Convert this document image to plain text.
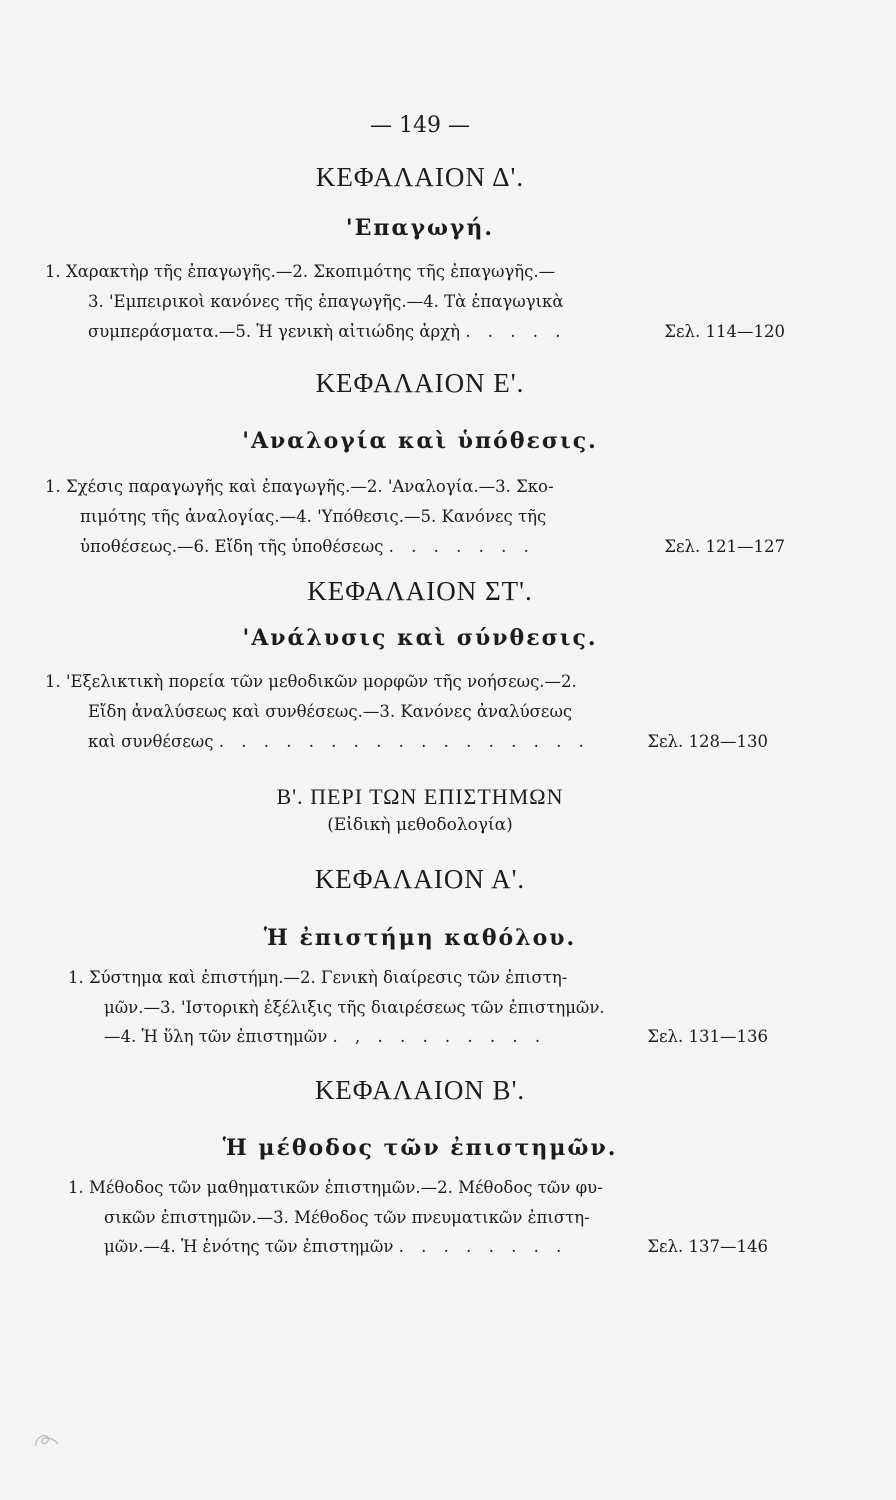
— 149 —
ΚΕΦΑΛΑΙΟΝ Δ'.
'Επαγωγή.
1. Χαρακτὴρ τῆς ἐπαγωγῆς.—2. Σκοπιμότης τῆς ἐπαγωγῆς.—
3. 'Εμπειρικοὶ κανόνες τῆς ἐπαγωγῆς.—4. Τὰ ἐπαγωγικὰ
συμπεράσματα.—5. Ἡ γενικὴ αἰτιώδης ἀρχὴ . . . . .	Σελ. 114—120
ΚΕΦΑΛΑΙΟΝ Ε'.
'Αναλογία καὶ ὑπόθεσις.
1. Σχέσις παραγωγῆς καὶ ἐπαγωγῆς.—2. 'Αναλογία.—3. Σκο-
πιμότης τῆς ἀναλογίας.—4. 'Υπόθεσις.—5. Κανόνες τῆς
ὑποθέσεως.—6. Εἴδη τῆς ὑποθέσεως . . . . . . .	Σελ. 121—127
ΚΕΦΑΛΑΙΟΝ ΣΤ'.
'Ανάλυσις καὶ σύνθεσις.
1. 'Εξελικτικὴ πορεία τῶν μεθοδικῶν μορφῶν τῆς νοήσεως.—2.
Εἴδη ἀναλύσεως καὶ συνθέσεως.—3. Κανόνες ἀναλύσεως
καὶ συνθέσεως . . . . . . . . . . . . . . . . .	Σελ. 128—130
Β'. ΠΕΡΙ ΤΩΝ ΕΠΙΣΤΗΜΩΝ
(Εἰδικὴ μεθοδολογία)
ΚΕΦΑΛΑΙΟΝ Α'.
Ἡ ἐπιστήμη καθόλου.
1. Σύστημα καὶ ἐπιστήμη.—2. Γενικὴ διαίρεσις τῶν ἐπιστη-
μῶν.—3. 'Ιστορικὴ ἐξέλιξις τῆς διαιρέσεως τῶν ἐπιστημῶν.
—4. Ἡ ὕλη τῶν ἐπιστημῶν . , . . . . . . . .	Σελ. 131—136
ΚΕΦΑΛΑΙΟΝ Β'.
Ἡ μέθοδος τῶν ἐπιστημῶν.
1. Μέθοδος τῶν μαθηματικῶν ἐπιστημῶν.—2. Μέθοδος τῶν φυ-
σικῶν ἐπιστημῶν.—3. Μέθοδος τῶν πνευματικῶν ἐπιστη-
μῶν.—4. Ἡ ἑνότης τῶν ἐπιστημῶν . . . . . . . .	Σελ. 137—146
